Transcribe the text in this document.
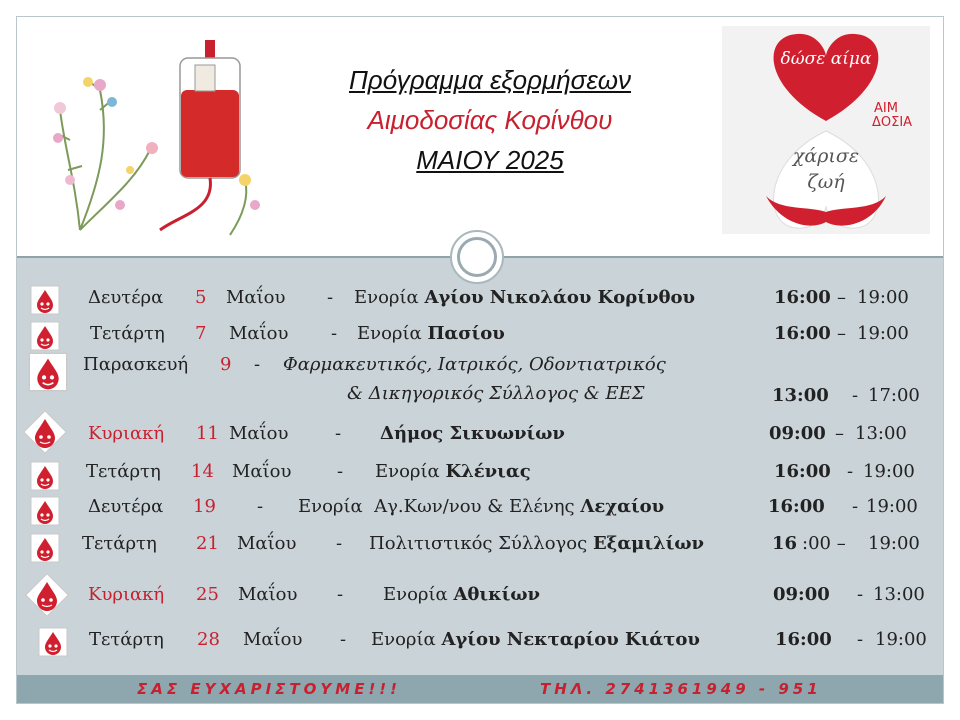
Πρόγραμμα εξορμήσεων
Αιμοδοσίας Κορίνθου
ΜΑΙΟΥ 2025
δώσε αίμα
ΑΙΜ
ΔΟΣΙΑ
χάρισε
ζωή
Δευτέρα 5 Μαΐου - Ενορία Αγίου Νικολάου Κορίνθου	16:00 – 19:00
Τετάρτη 7 Μαΐου - Ενορία Πασίου	16:00 – 19:00
Παρασκευή 9 - Φαρμακευτικός, Ιατρικός, Οδοντιατρικός
& Δικηγορικός Σύλλογος & ΕΕΣ	13:00 - 17:00
Κυριακή 11 Μαΐου	- Δήμος Σικυωνίων	09:00 – 13:00
Τετάρτη 14 Μαΐου	- Ενορία Κλένιας	16:00 - 19:00
Δευτέρα 19 - Ενορία  Αγ.Κων/νου & Ελένης Λεχαίου	16:00 - 19:00
Τετάρτη 21 Μαΐου - Πολιτιστικός Σύλλογος Εξαμιλίων	16 :00 – 19:00
Κυριακή 25 Μαΐου - Ενορία Αθικίων	09:00 - 13:00
Τετάρτη 28 Μαΐου - Ενορία Αγίου Νεκταρίου Κιάτου	16:00 - 19:00
ΣΑΣ ΕΥΧΑΡΙΣΤΟΥΜΕ!!!	ΤΗΛ. 2741361949 - 951
